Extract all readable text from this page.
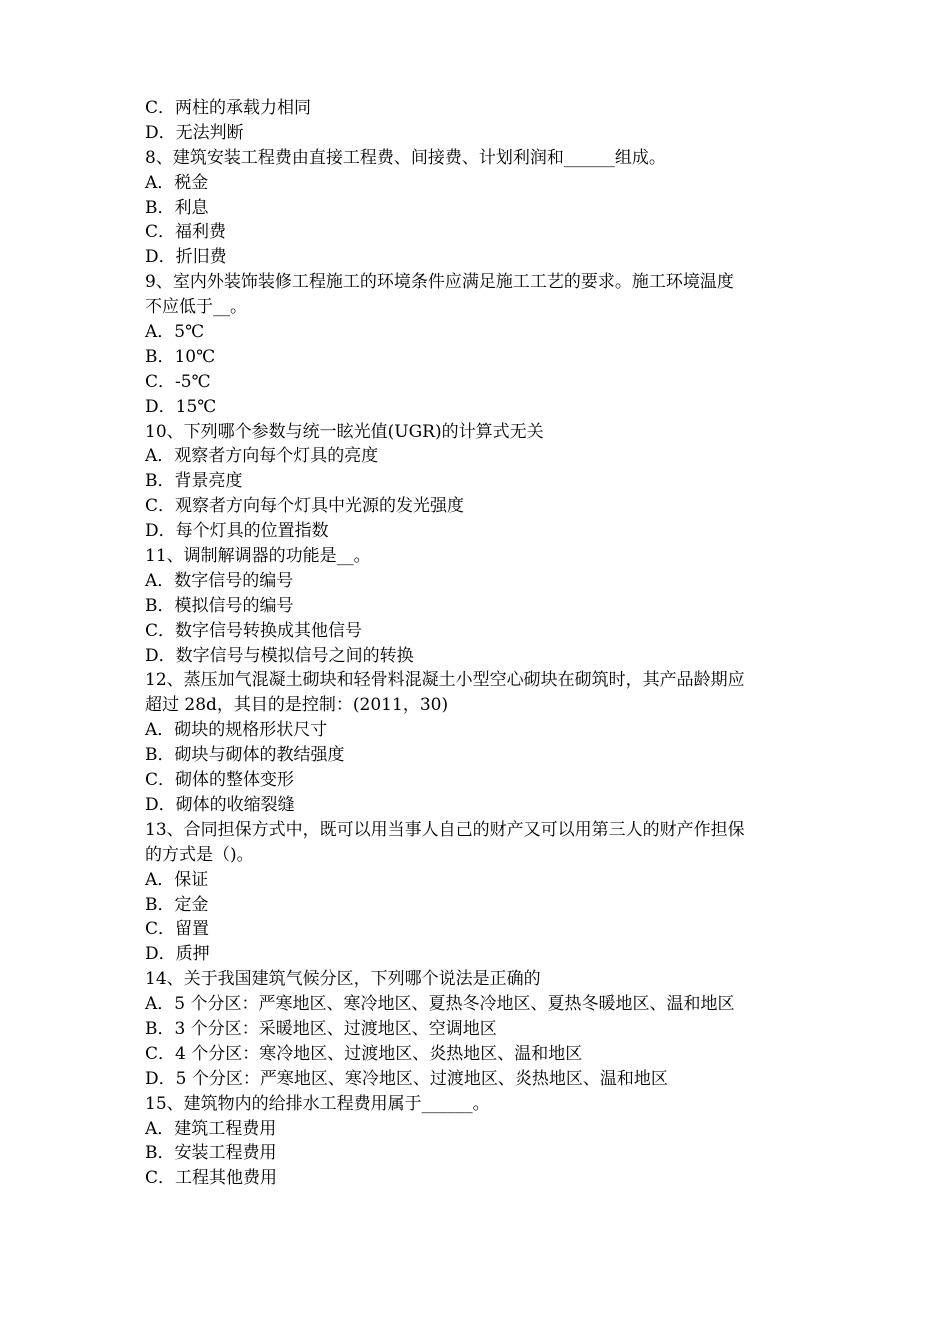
C．两柱的承载力相同
D．无法判断
8、建筑安装工程费由直接工程费、间接费、计划利润和______组成。
A．税金
B．利息
C．福利费
D．折旧费
9、室内外装饰装修工程施工的环境条件应满足施工工艺的要求。施工环境温度
不应低于__。
A．5℃
B．10℃
C．-5℃
D．15℃
10、下列哪个参数与统一眩光值(UGR)的计算式无关
A．观察者方向每个灯具的亮度
B．背景亮度
C．观察者方向每个灯具中光源的发光强度
D．每个灯具的位置指数
11、调制解调器的功能是__。
A．数字信号的编号
B．模拟信号的编号
C．数字信号转换成其他信号
D．数字信号与模拟信号之间的转换
12、蒸压加气混凝土砌块和轻骨料混凝土小型空心砌块在砌筑时，其产品龄期应
超过 28d，其目的是控制：(2011，30)
A．砌块的规格形状尺寸
B．砌块与砌体的教结强度
C．砌体的整体变形
D．砌体的收缩裂缝
13、合同担保方式中，既可以用当事人自己的财产又可以用第三人的财产作担保
的方式是（)。
A．保证
B．定金
C．留置
D．质押
14、关于我国建筑气候分区，下列哪个说法是正确的
A．5 个分区：严寒地区、寒冷地区、夏热冬冷地区、夏热冬暖地区、温和地区
B．3 个分区：采暖地区、过渡地区、空调地区
C．4 个分区：寒冷地区、过渡地区、炎热地区、温和地区
D．5 个分区：严寒地区、寒冷地区、过渡地区、炎热地区、温和地区
15、建筑物内的给排水工程费用属于______。
A．建筑工程费用
B．安装工程费用
C．工程其他费用
